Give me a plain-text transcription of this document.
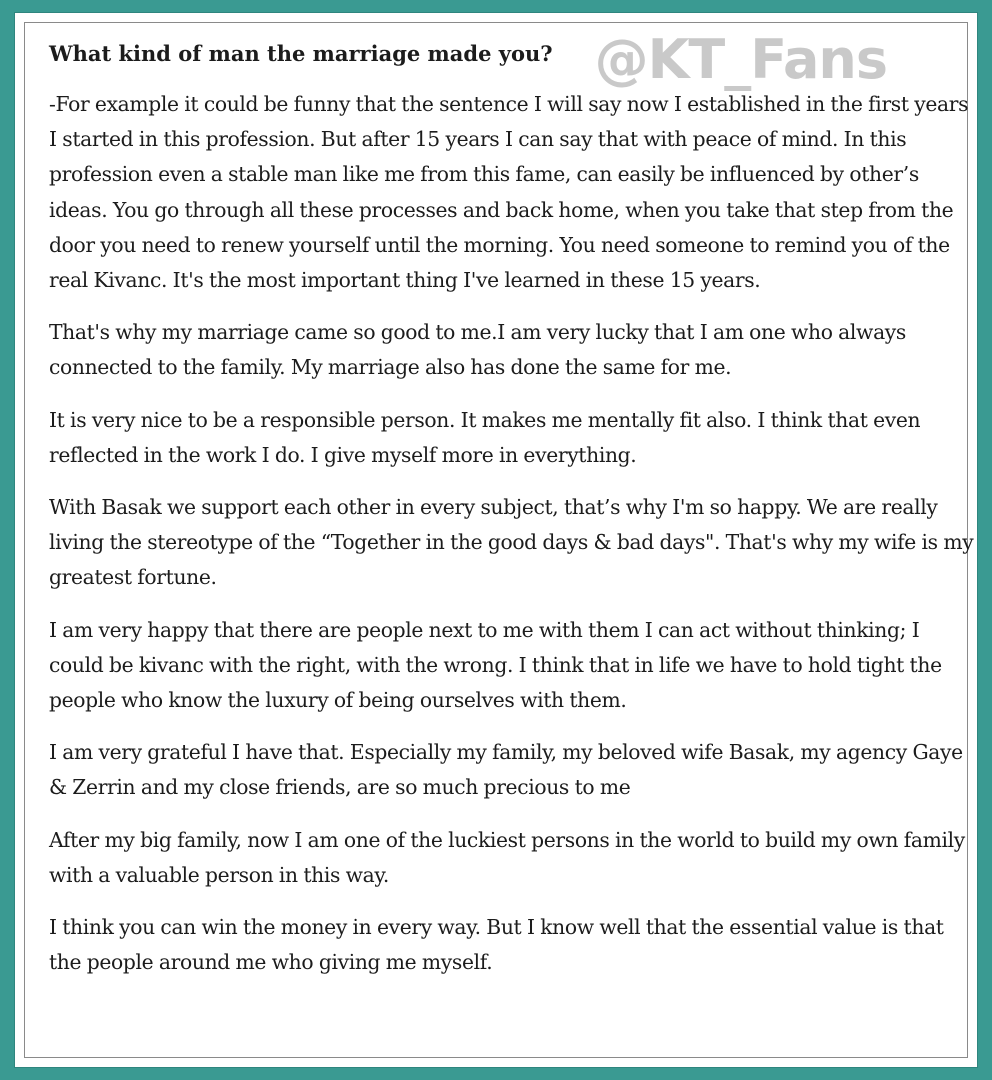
@KT_Fans
What kind of man the marriage made you?

-For example it could be funny that the sentence I will say now I established in the first years I started in this profession. But after 15 years I can say that with peace of mind. In this profession even a stable man like me from this fame, can easily be influenced by other’s ideas. You go through all these processes and back home, when you take that step from the door you need to renew yourself until the morning. You need someone to remind you of the real Kivanc. It's the most important thing I've learned in these 15 years.

That's why my marriage came so good to me.I am very lucky that I am one who always connected to the family. My marriage also has done the same for me.

It is very nice to be a responsible person. It makes me mentally fit also. I think that even reflected in the work I do. I give myself more in everything.

With Basak we support each other in every subject, that’s why I'm so happy. We are really living the stereotype of the “Together in the good days & bad days". That's why my wife is my greatest fortune.

I am very happy that there are people next to me with them I can act without thinking; I could be kivanc with the right, with the wrong. I think that in life we have to hold tight the people who know the luxury of being ourselves with them.

I am very grateful I have that. Especially my family, my beloved wife Basak, my agency Gaye & Zerrin and my close friends, are so much precious to me

After my big family, now I am one of the luckiest persons in the world to build my own family with a valuable person in this way.

I think you can win the money in every way. But I know well that the essential value is that the people around me who giving me myself.
